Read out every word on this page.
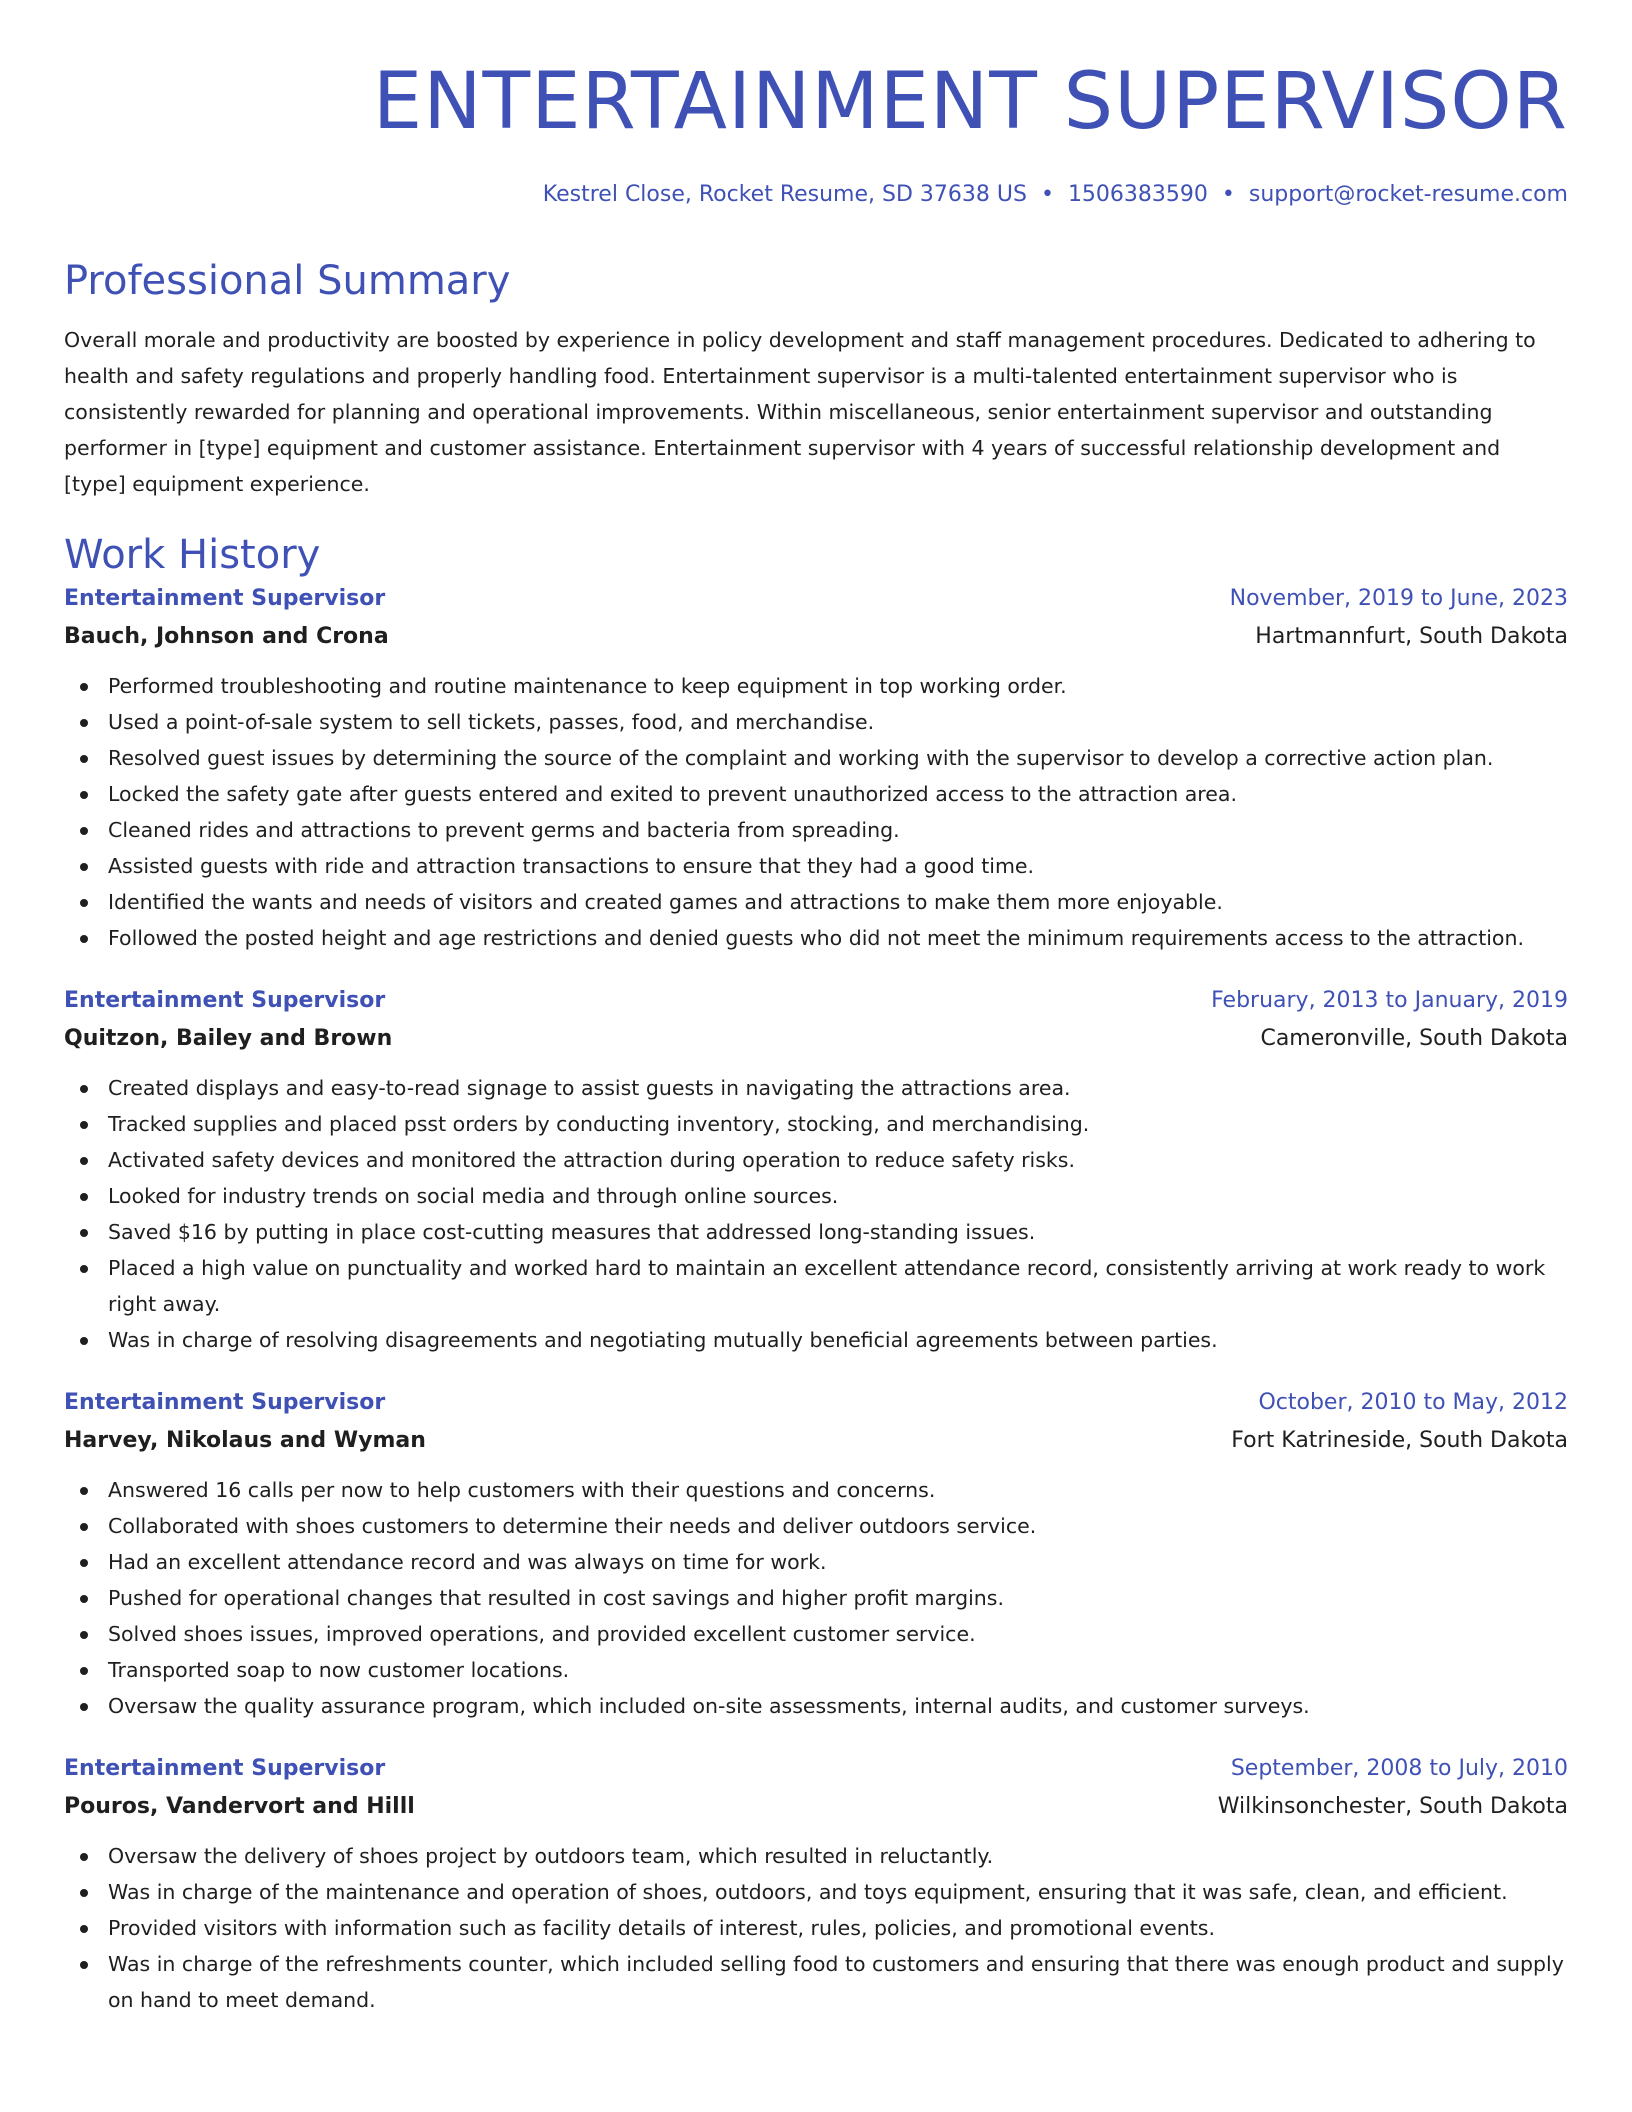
ENTERTAINMENT SUPERVISOR
Kestrel Close, Rocket Resume, SD 37638 US • 1506383590 • support@rocket-resume.com
Professional Summary

Overall morale and productivity are boosted by experience in policy development and staff management procedures. Dedicated to adhering to health and safety regulations and properly handling food. Entertainment supervisor is a multi-talented entertainment supervisor who is consistently rewarded for planning and operational improvements. Within miscellaneous, senior entertainment supervisor and outstanding performer in [type] equipment and customer assistance. Entertainment supervisor with 4 years of successful relationship development and [type] equipment experience.

Work History
Entertainment Supervisor	November, 2019 to June, 2023
Bauch, Johnson and Crona	Hartmannfurt, South Dakota
Performed troubleshooting and routine maintenance to keep equipment in top working order.
Used a point-of-sale system to sell tickets, passes, food, and merchandise.
Resolved guest issues by determining the source of the complaint and working with the supervisor to develop a corrective action plan.
Locked the safety gate after guests entered and exited to prevent unauthorized access to the attraction area.
Cleaned rides and attractions to prevent germs and bacteria from spreading.
Assisted guests with ride and attraction transactions to ensure that they had a good time.
Identified the wants and needs of visitors and created games and attractions to make them more enjoyable.
Followed the posted height and age restrictions and denied guests who did not meet the minimum requirements access to the attraction.
Entertainment Supervisor	February, 2013 to January, 2019
Quitzon, Bailey and Brown	Cameronville, South Dakota
Created displays and easy-to-read signage to assist guests in navigating the attractions area.
Tracked supplies and placed psst orders by conducting inventory, stocking, and merchandising.
Activated safety devices and monitored the attraction during operation to reduce safety risks.
Looked for industry trends on social media and through online sources.
Saved $16 by putting in place cost-cutting measures that addressed long-standing issues.
Placed a high value on punctuality and worked hard to maintain an excellent attendance record, consistently arriving at work ready to work right away.
Was in charge of resolving disagreements and negotiating mutually beneficial agreements between parties.
Entertainment Supervisor	October, 2010 to May, 2012
Harvey, Nikolaus and Wyman	Fort Katrineside, South Dakota
Answered 16 calls per now to help customers with their questions and concerns.
Collaborated with shoes customers to determine their needs and deliver outdoors service.
Had an excellent attendance record and was always on time for work.
Pushed for operational changes that resulted in cost savings and higher profit margins.
Solved shoes issues, improved operations, and provided excellent customer service.
Transported soap to now customer locations.
Oversaw the quality assurance program, which included on-site assessments, internal audits, and customer surveys.
Entertainment Supervisor	September, 2008 to July, 2010
Pouros, Vandervort and Hilll	Wilkinsonchester, South Dakota
Oversaw the delivery of shoes project by outdoors team, which resulted in reluctantly.
Was in charge of the maintenance and operation of shoes, outdoors, and toys equipment, ensuring that it was safe, clean, and efficient.
Provided visitors with information such as facility details of interest, rules, policies, and promotional events.
Was in charge of the refreshments counter, which included selling food to customers and ensuring that there was enough product and supply on hand to meet demand.
